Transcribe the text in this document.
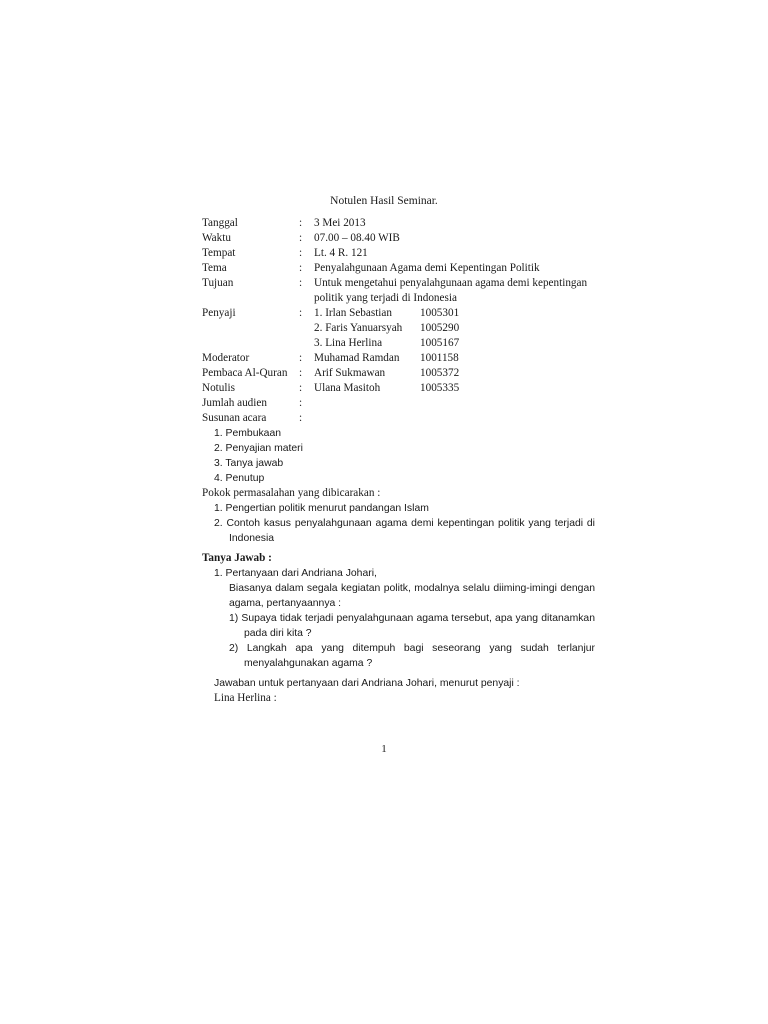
Notulen Hasil Seminar.
Tanggal	: 3 Mei 2013
Waktu	: 07.00 – 08.40 WIB
Tempat	: Lt. 4 R. 121
Tema	: Penyalahgunaan Agama demi Kepentingan Politik
Tujuan	: Untuk mengetahui penyalahgunaan agama demi kepentingan
politik yang terjadi di Indonesia
Penyaji	: 1. Irlan Sebastian	1005301
2. Faris Yanuarsyah 1005290
3. Lina Herlina	1005167
Moderator	: Muhamad Ramdan 1001158
Pembaca Al-Quran : Arif Sukmawan	1005372
Notulis	: Ulana Masitoh	1005335
Jumlah audien	:
Susunan acara	:
1. Pembukaan
2. Penyajian materi
3. Tanya jawab
4. Penutup
Pokok permasalahan yang dibicarakan :
1. Pengertian politik menurut pandangan Islam
2. Contoh kasus penyalahgunaan agama demi kepentingan politik yang terjadi di
Indonesia
Tanya Jawab :
1. Pertanyaan dari Andriana Johari,
Biasanya dalam segala kegiatan politk, modalnya selalu diiming-imingi dengan
agama, pertanyaannya :
1) Supaya tidak terjadi penyalahgunaan agama tersebut, apa yang ditanamkan
pada diri kita ?
2) Langkah apa yang ditempuh bagi seseorang yang sudah terlanjur
menyalahgunakan agama ?
Jawaban untuk pertanyaan dari Andriana Johari, menurut penyaji :
Lina Herlina :
1
